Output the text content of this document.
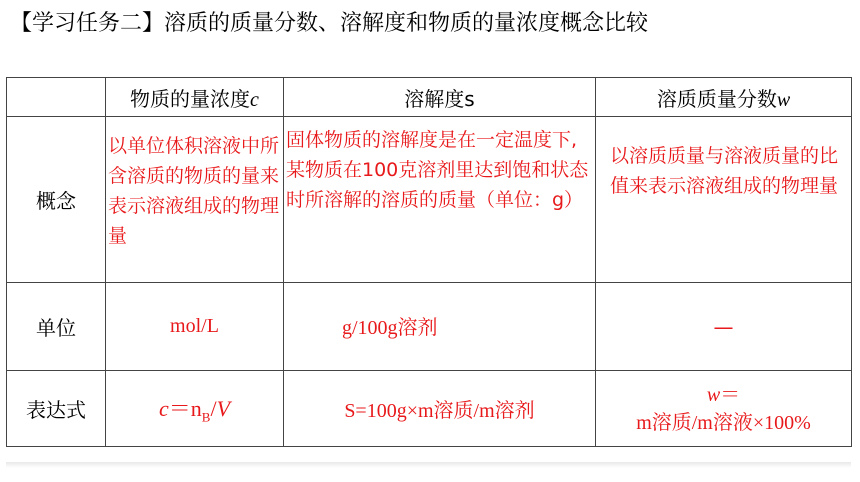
【学习任务二】溶质的质量分数、溶解度和物质的量浓度概念比较
	物质的量浓度c	溶解度s	溶质质量分数w
概念	以单位体积溶液中所含溶质的物质的量来表示溶液组成的物理量	固体物质的溶解度是在一定温度下,某物质在100克溶剂里达到饱和状态时所溶解的溶质的质量（单位：g）	以溶质质量与溶液质量的比值来表示溶液组成的物理量

单位	mol/L	g/100g溶剂	—
表达式	$c=n_B/V$	S=100g×m溶质/m溶剂	w＝
m溶质/m溶液×100%
